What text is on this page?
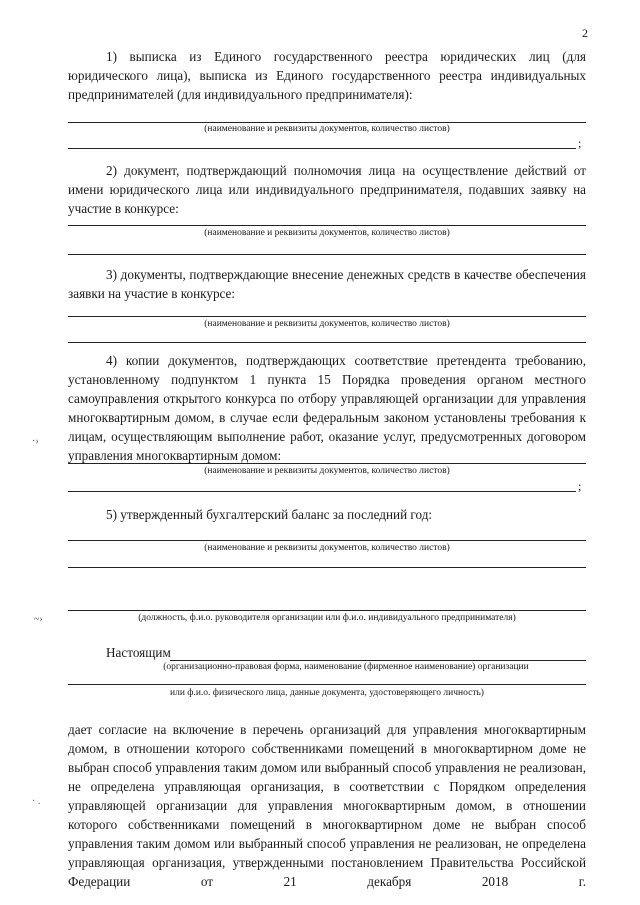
2
1) выписка из Единого государственного реестра юридических лиц (для юридического лица), выписка из Единого государственного реестра индивидуальных предпринимателей (для индивидуального предпринимателя):
(наименование и реквизиты документов, количество листов)
;
2) документ, подтверждающий полномочия лица на осуществление действий от имени юридического лица или индивидуального предпринимателя, подавших заявку на участие в конкурсе:
(наименование и реквизиты документов, количество листов)
3) документы, подтверждающие внесение денежных средств в качестве обеспечения заявки на участие в конкурсе:
(наименование и реквизиты документов, количество листов)
4) копии документов, подтверждающих соответствие претендента требованию, установленному подпунктом 1 пункта 15 Порядка проведения органом местного самоуправления открытого конкурса по отбору управляющей организации для управления многоквартирным домом, в случае если федеральным законом установлены требования к лицам, осуществляющим выполнение работ, оказание услуг, предусмотренных договором управления многоквартирным домом:
(наименование и реквизиты документов, количество листов)
;
5) утвержденный бухгалтерский баланс за последний год:
(наименование и реквизиты документов, количество листов)
(должность, ф.и.о. руководителя организации или ф.и.о. индивидуального предпринимателя)
Настоящим
(организационно-правовая форма, наименование (фирменное наименование) организации
или ф.и.о. физического лица, данные документа, удостоверяющего личность)
дает согласие на включение в перечень организаций для управления многоквартирным домом, в отношении которого собственниками помещений в многоквартирном доме не выбран способ управления таким домом или выбранный способ управления не реализован, не определена управляющая организация, в соответствии с Порядком определения управляющей организации для управления многоквартирным домом, в отношении которого собственниками помещений в многоквартирном доме не выбран способ управления таким домом или выбранный способ управления не реализован, не определена управляющая организация, утвержденными постановлением Правительства Российской Федерации от 21 декабря 2018 г.
·›
~›
· .
